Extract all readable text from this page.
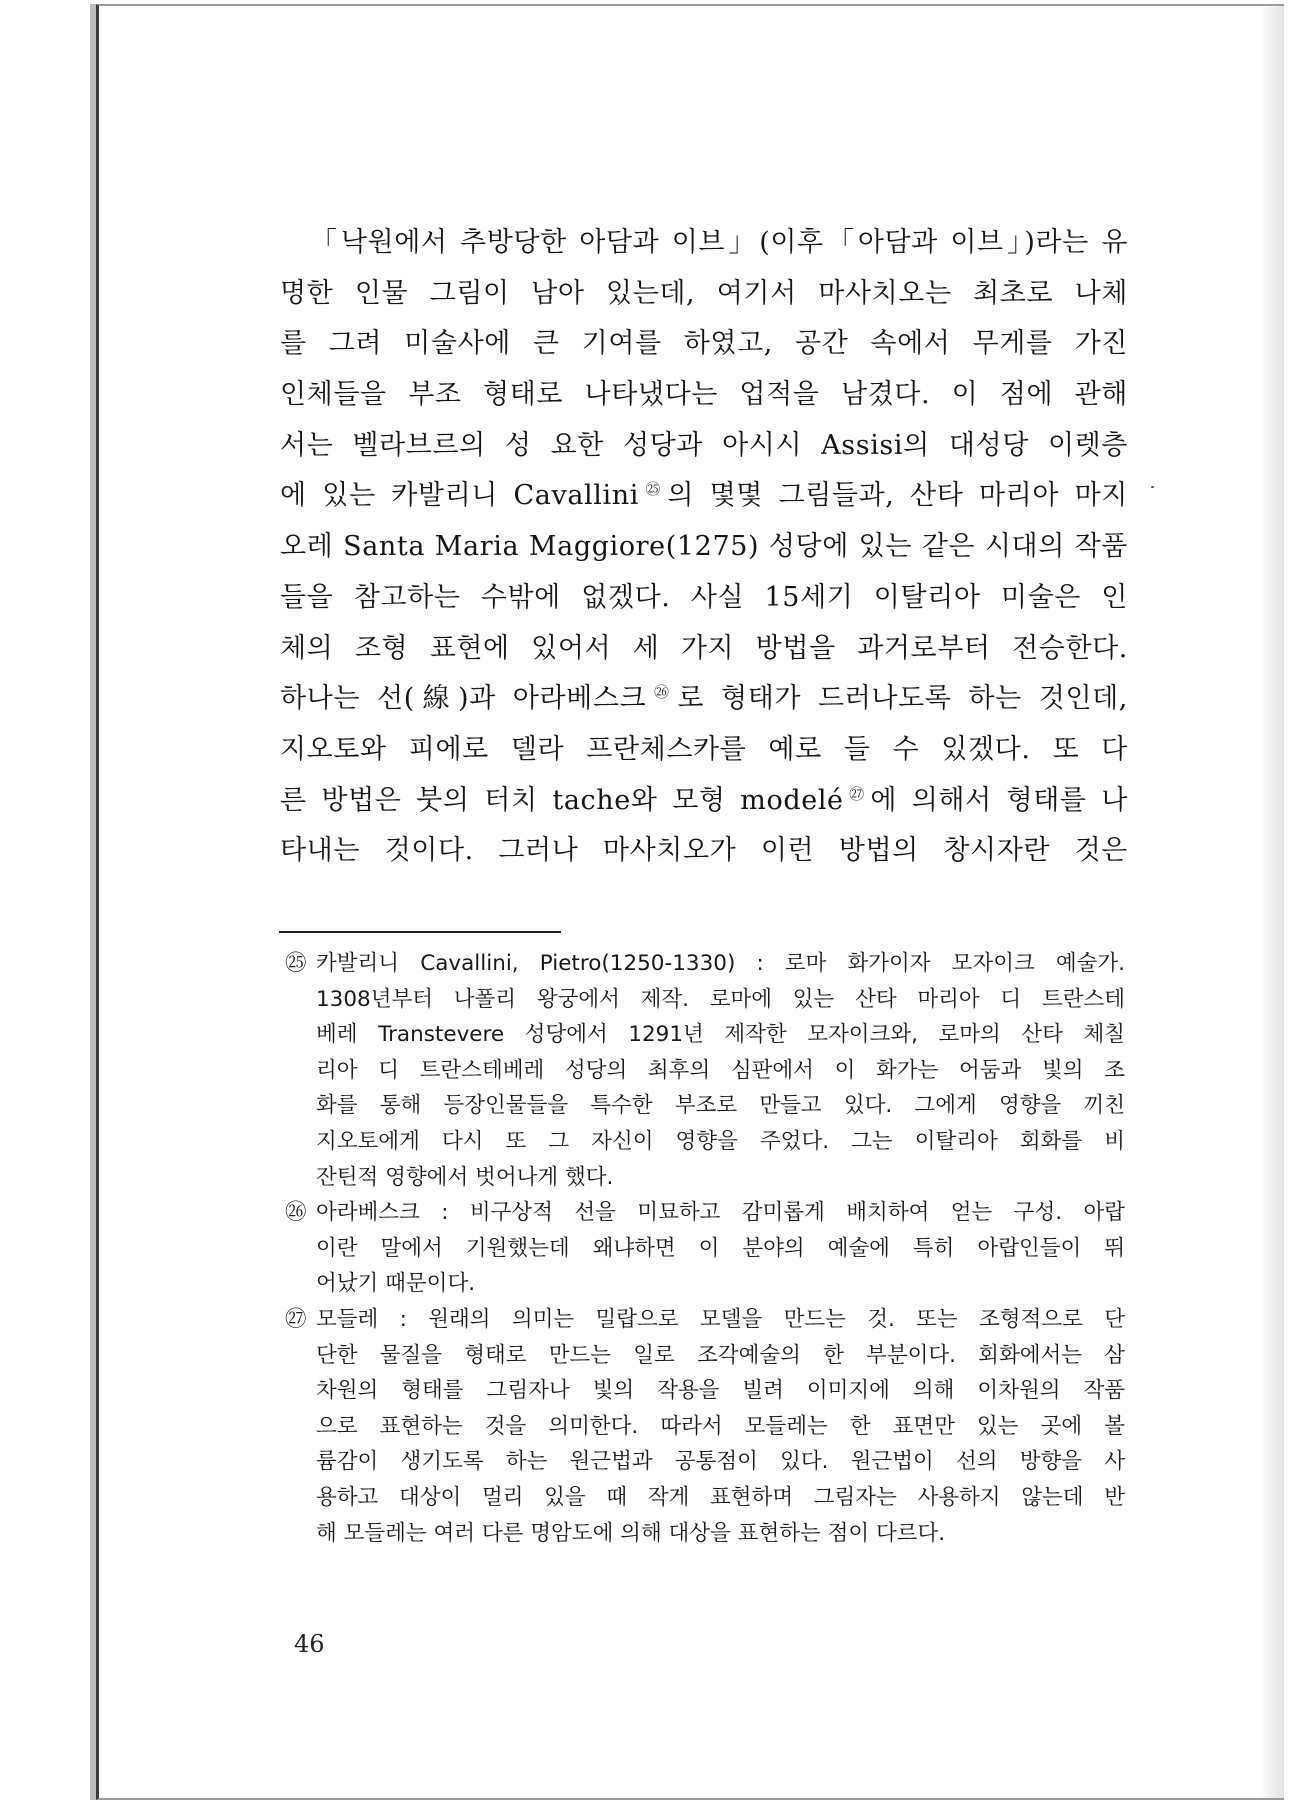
「낙원에서 추방당한 아담과 이브」(이후「아담과 이브」)라는 유
명한 인물 그림이 남아 있는데, 여기서 마사치오는 최초로 나체
를 그려 미술사에 큰 기여를 하였고, 공간 속에서 무게를 가진
인체들을 부조 형태로 나타냈다는 업적을 남겼다. 이 점에 관해
서는 벨라브르의 성 요한 성당과 아시시 Assisi의 대성당 이렛층
에 있는 카발리니 Cavallini$^㉕$의 몇몇 그림들과, 산타 마리아 마지
오레 Santa Maria Maggiore(1275) 성당에 있는 같은 시대의 작품
들을 참고하는 수밖에 없겠다. 사실 15세기 이탈리아 미술은 인
체의 조형 표현에 있어서 세 가지 방법을 과거로부터 전승한다.
하나는 선(線)과 아라베스크$^㉖$로 형태가 드러나도록 하는 것인데,
지오토와 피에로 델라 프란체스카를 예로 들 수 있겠다. 또 다
른 방법은 붓의 터치 tache와 모형 modelé$^㉗$에 의해서 형태를 나
타내는 것이다. 그러나 마사치오가 이런 방법의 창시자란 것은
㉕ 카발리니 Cavallini, Pietro(1250-1330) : 로마 화가이자 모자이크 예술가.
1308년부터 나폴리 왕궁에서 제작. 로마에 있는 산타 마리아 디 트란스테
베레 Transtevere 성당에서 1291년 제작한 모자이크와, 로마의 산타 체칠
리아 디 트란스테베레 성당의 최후의 심판에서 이 화가는 어둠과 빛의 조
화를 통해 등장인물들을 특수한 부조로 만들고 있다. 그에게 영향을 끼친
지오토에게 다시 또 그 자신이 영향을 주었다. 그는 이탈리아 회화를 비
잔틴적 영향에서 벗어나게 했다.
㉖ 아라베스크 : 비구상적 선을 미묘하고 감미롭게 배치하여 얻는 구성. 아랍
이란 말에서 기원했는데 왜냐하면 이 분야의 예술에 특히 아랍인들이 뛰
어났기 때문이다.
㉗ 모들레 : 원래의 의미는 밀랍으로 모델을 만드는 것. 또는 조형적으로 단
단한 물질을 형태로 만드는 일로 조각예술의 한 부분이다. 회화에서는 삼
차원의 형태를 그림자나 빛의 작용을 빌려 이미지에 의해 이차원의 작품
으로 표현하는 것을 의미한다. 따라서 모들레는 한 표면만 있는 곳에 볼
륨감이 생기도록 하는 원근법과 공통점이 있다. 원근법이 선의 방향을 사
용하고 대상이 멀리 있을 때 작게 표현하며 그림자는 사용하지 않는데 반
해 모들레는 여러 다른 명암도에 의해 대상을 표현하는 점이 다르다.
46
